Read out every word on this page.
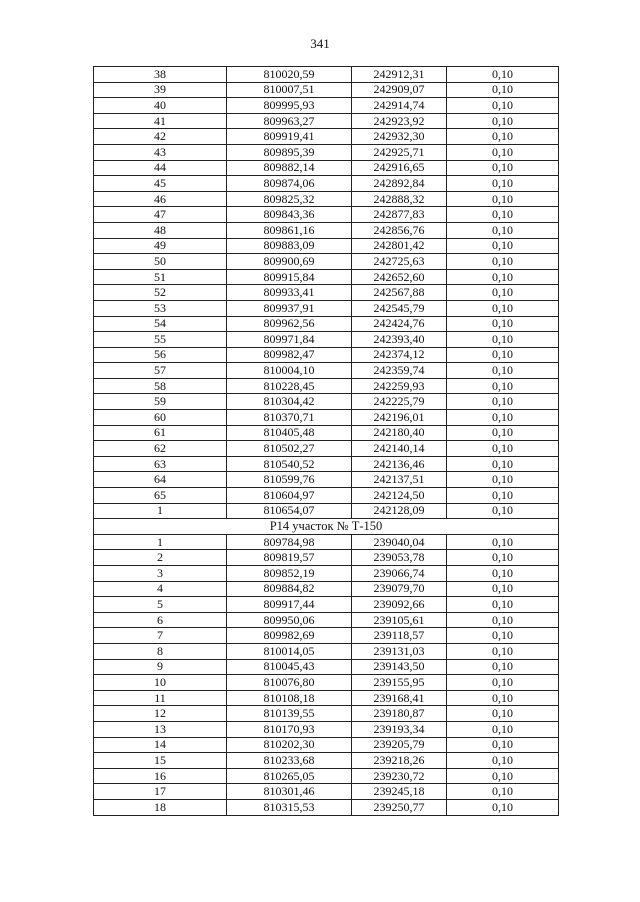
341
38	810020,59	242912,31	0,10
39	810007,51	242909,07	0,10
40	809995,93	242914,74	0,10
41	809963,27	242923,92	0,10
42	809919,41	242932,30	0,10
43	809895,39	242925,71	0,10
44	809882,14	242916,65	0,10
45	809874,06	242892,84	0,10
46	809825,32	242888,32	0,10
47	809843,36	242877,83	0,10
48	809861,16	242856,76	0,10
49	809883,09	242801,42	0,10
50	809900,69	242725,63	0,10
51	809915,84	242652,60	0,10
52	809933,41	242567,88	0,10
53	809937,91	242545,79	0,10
54	809962,56	242424,76	0,10
55	809971,84	242393,40	0,10
56	809982,47	242374,12	0,10
57	810004,10	242359,74	0,10
58	810228,45	242259,93	0,10
59	810304,42	242225,79	0,10
60	810370,71	242196,01	0,10
61	810405,48	242180,40	0,10
62	810502,27	242140,14	0,10
63	810540,52	242136,46	0,10
64	810599,76	242137,51	0,10
65	810604,97	242124,50	0,10
1	810654,07	242128,09	0,10
Р14 участок № Т-150			
1	809784,98	239040,04	0,10
2	809819,57	239053,78	0,10
3	809852,19	239066,74	0,10
4	809884,82	239079,70	0,10
5	809917,44	239092,66	0,10
6	809950,06	239105,61	0,10
7	809982,69	239118,57	0,10
8	810014,05	239131,03	0,10
9	810045,43	239143,50	0,10
10	810076,80	239155,95	0,10
11	810108,18	239168,41	0,10
12	810139,55	239180,87	0,10
13	810170,93	239193,34	0,10
14	810202,30	239205,79	0,10
15	810233,68	239218,26	0,10
16	810265,05	239230,72	0,10
17	810301,46	239245,18	0,10
18	810315,53	239250,77	0,10
